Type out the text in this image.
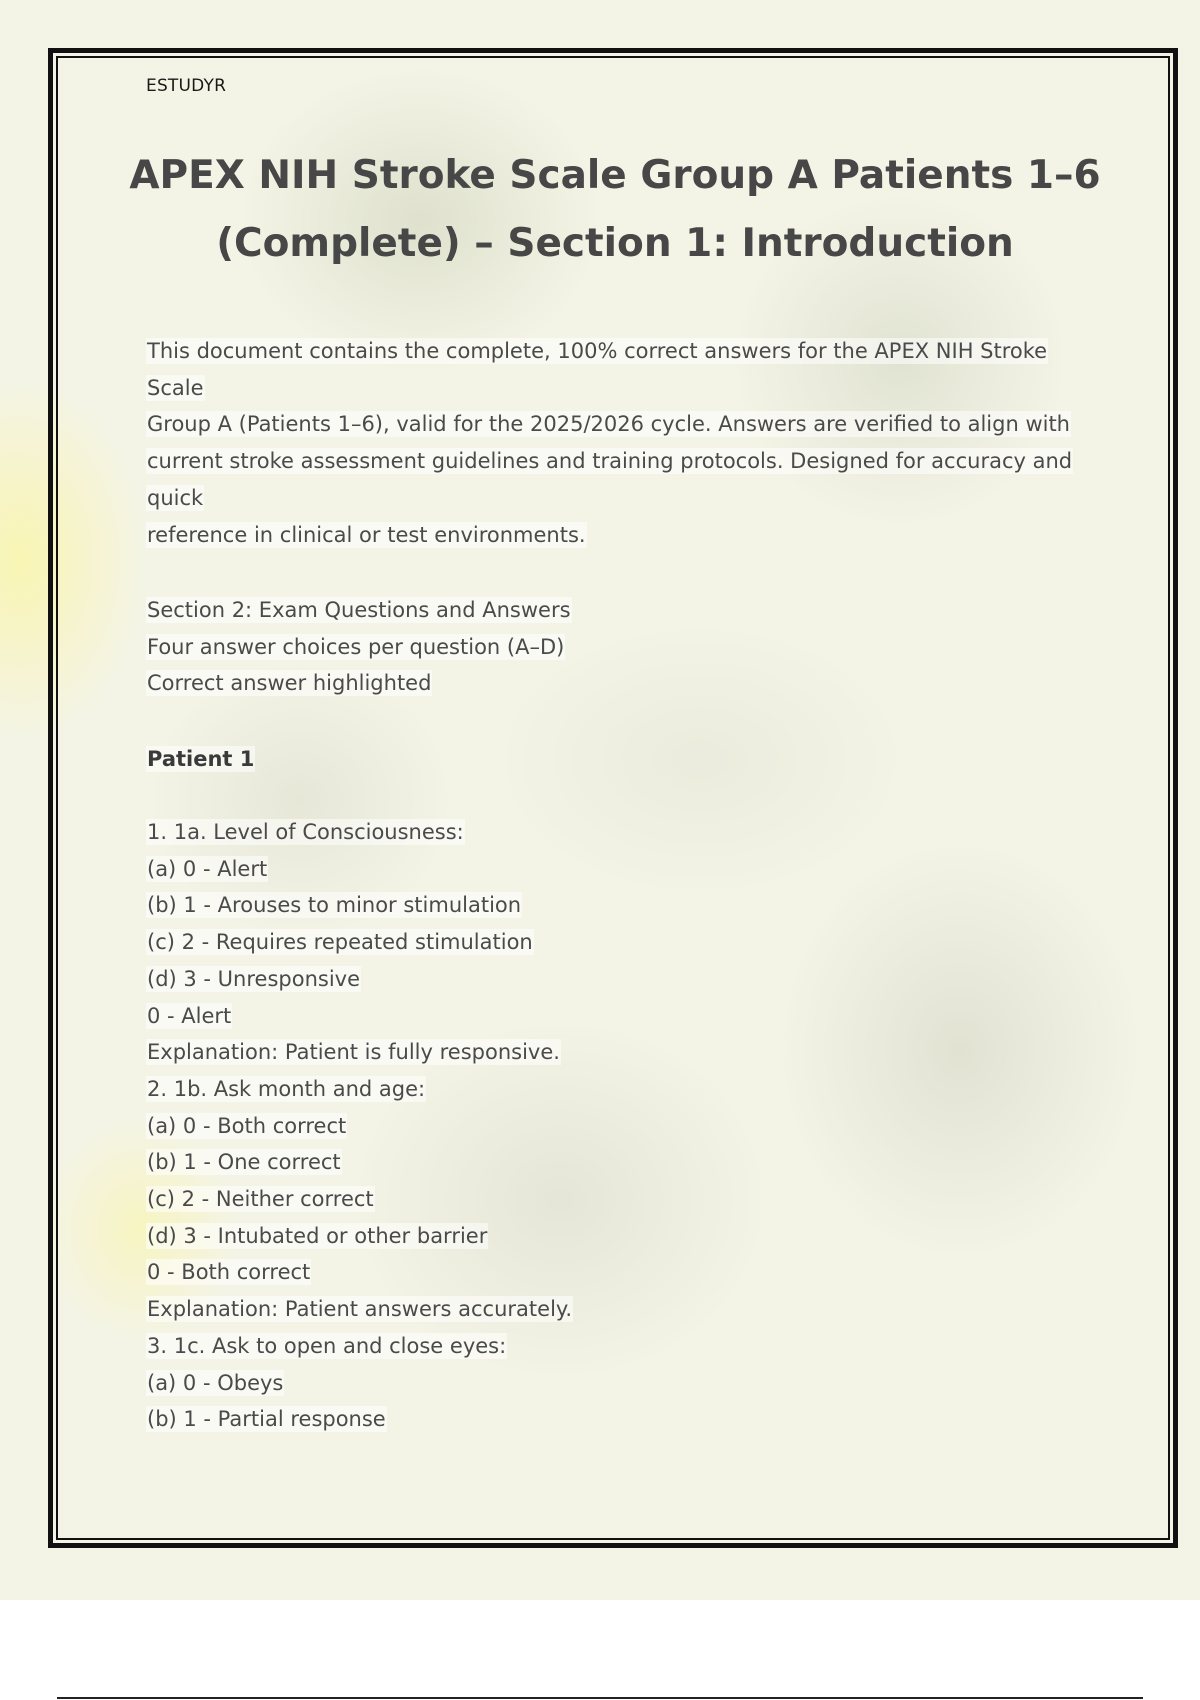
ESTUDYR
APEX NIH Stroke Scale Group A Patients 1–6
(Complete) – Section 1: Introduction
This document contains the complete, 100% correct answers for the APEX NIH Stroke
Scale
Group A (Patients 1–6), valid for the 2025/2026 cycle. Answers are verified to align with
current stroke assessment guidelines and training protocols. Designed for accuracy and
quick
reference in clinical or test environments.
Section 2: Exam Questions and Answers
Four answer choices per question (A–D)
Correct answer highlighted
Patient 1
1. 1a. Level of Consciousness:
(a) 0 - Alert
(b) 1 - Arouses to minor stimulation
(c) 2 - Requires repeated stimulation
(d) 3 - Unresponsive
0 - Alert
Explanation: Patient is fully responsive.
2. 1b. Ask month and age:
(a) 0 - Both correct
(b) 1 - One correct
(c) 2 - Neither correct
(d) 3 - Intubated or other barrier
0 - Both correct
Explanation: Patient answers accurately.
3. 1c. Ask to open and close eyes:
(a) 0 - Obeys
(b) 1 - Partial response
